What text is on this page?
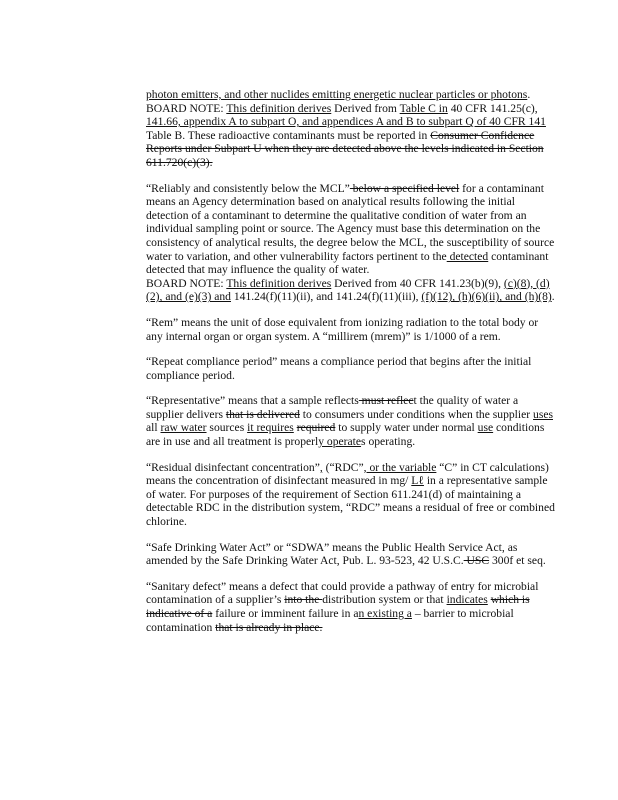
photon emitters, and other nuclides emitting energetic nuclear particles or photons.

BOARD NOTE: This definition derives Derived from Table C in 40 CFR 141.25(c), 141.66, appendix A to subpart O, and appendices A and B to subpart Q of 40 CFR 141 Table B. These radioactive contaminants must be reported in Consumer Confidence Reports under Subpart U when they are detected above the levels indicated in Section 611.720(c)(3).

“Reliably and consistently below the MCL” below a specified level for a contaminant means an Agency determination based on analytical results following the initial detection of a contaminant to determine the qualitative condition of water from an individual sampling point or source. The Agency must base this determination on the consistency of analytical results, the degree below the MCL, the susceptibility of source water to variation, and other vulnerability factors pertinent to the detected contaminant detected that may influence the quality of water.

BOARD NOTE: This definition derives Derived from 40 CFR 141.23(b)(9), (c)(8), (d)(2), and (e)(3) and 141.24(f)(11)(ii), and 141.24(f)(11)(iii), (f)(12), (h)(6)(ii), and (h)(8).

“Rem” means the unit of dose equivalent from ionizing radiation to the total body or any internal organ or organ system. A “millirem (mrem)” is 1/1000 of a rem.

“Repeat compliance period” means a compliance period that begins after the initial compliance period.

“Representative” means that a sample reflects must reflect the quality of water a supplier delivers that is delivered to consumers under conditions when the supplier uses all raw water sources it requires required to supply water under normal use conditions are in use and all treatment is properly operates operating.

“Residual disinfectant concentration”, (“RDC”, or the variable “C” in CT calculations) means the concentration of disinfectant measured in mg/ Lℓ in a representative sample of water. For purposes of the requirement of Section 611.241(d) of maintaining a detectable RDC in the distribution system, “RDC” means a residual of free or combined chlorine.

“Safe Drinking Water Act” or “SDWA” means the Public Health Service Act, as amended by the Safe Drinking Water Act, Pub. L. 93-523, 42 U.S.C. USC 300f et seq.

“Sanitary defect” means a defect that could provide a pathway of entry for microbial contamination of a supplier’s into the distribution system or that indicates which is indicative of a failure or imminent failure in an existing a – barrier to microbial contamination that is already in place.
